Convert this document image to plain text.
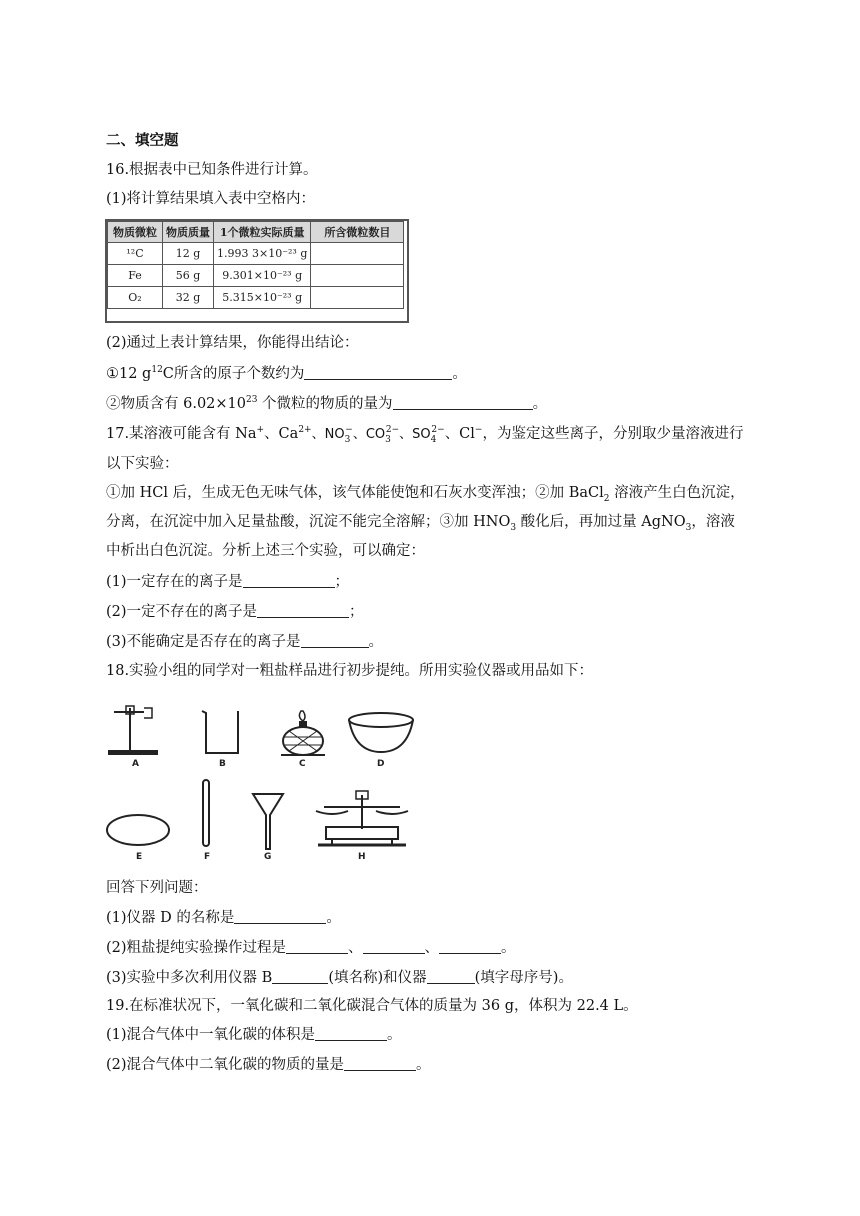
二、填空题
16.根据表中已知条件进行计算。
(1)将计算结果填入表中空格内：
物质微粒	物质质量	1个微粒实际质量	所含微粒数目
¹²C	12 g	1.993 3×10⁻²³ g	
Fe	56 g	9.301×10⁻²³ g	
O₂	32 g	5.315×10⁻²³ g	
(2)通过上表计算结果，你能得出结论：
①12 $g^{12}C$所含的原子个数约为	。
②物质含有 $6.02\times 10^{23}$ 个微粒的物质的量为	。
17.某溶液可能含有 Na+、$Ca^{2+}$、$NO_3^-$、$CO_3^{2-}$、$SO_4^{2-}$、Cl−，为鉴定这些离子，分别取少量溶液进行
以下实验：
①加 HCl 后，生成无色无味气体，该气体能使饱和石灰水变浑浊；②加 BaCl$_2$ 溶液产生白色沉淀，
分离，在沉淀中加入足量盐酸，沉淀不能完全溶解；③加 $HNO_3$ 酸化后，再加过量 AgNO$_3$，溶液
中析出白色沉淀。分析上述三个实验，可以确定：
(1)一定存在的离子是	；
(2)一定不存在的离子是	；
(3)不能确定是否存在的离子是	。
18.实验小组的同学对一粗盐样品进行初步提纯。所用实验仪器或用品如下：
A	B	C	D
E	F	G	H
回答下列问题：
(1)仪器 D 的名称是	。
(2)粗盐提纯实验操作过程是	、	、	。
(3)实验中多次利用仪器 B	(填名称)和仪器	(填字母序号)。
19.在标准状况下，一氧化碳和二氧化碳混合气体的质量为 36 g，体积为 22.4 L。
(1)混合气体中一氧化碳的体积是	。
(2)混合气体中二氧化碳的物质的量是	。
